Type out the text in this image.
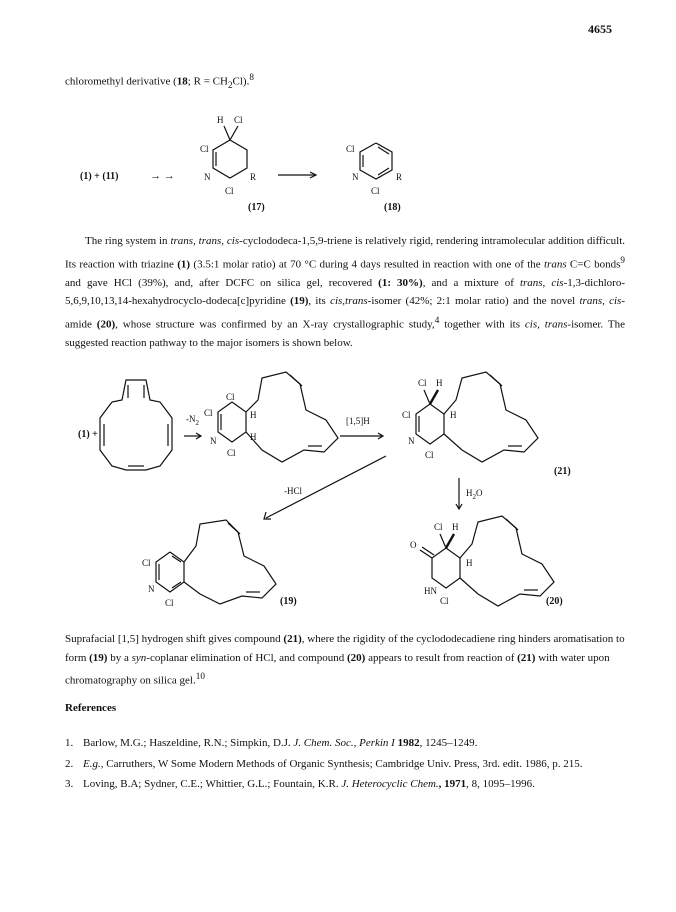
4655
chloromethyl derivative (18; $R = CH_2Cl).^8$
(1) + (11)	→ →
H Cl
Cl
N	R
Cl
(17)
Cl
N	R
Cl
(18)
(1) +
$-N_2$
Cl
Cl
N
Cl
H
H
[1,5]H
Cl H
Cl
N
Cl
H
(21)
-HCl	$H_2O$
Cl
N
Cl	(19)
Cl H
O
HN
Cl
H
(20)
The ring system in trans, trans, cis-cyclododeca-1,5,9-triene is relatively rigid, rendering intramolecular addition difficult. Its reaction with triazine (1) (3.5:1 molar ratio) at 70 °C during 4 days resulted in reaction with one of the trans C=C bonds$^9$ and gave HCl (39%), and, after DCFC on silica gel, recovered (1: 30%), and a mixture of trans, cis-1,3-dichloro-5,6,9,10,13,14-hexahydrocyclo-dodeca[c]pyridine (19), its cis,trans-isomer (42%; 2:1 molar ratio) and the novel trans, cis-amide (20), whose structure was confirmed by an X-ray crystallographic study,$^4$ together with its cis, trans-isomer. The suggested reaction pathway to the major isomers is shown below.
Suprafacial [1,5] hydrogen shift gives compound (21), where the rigidity of the cyclododecadiene ring hinders aromatisation to form (19) by a syn-coplanar elimination of HCl, and compound (20) appears to result from reaction of (21) with water upon chromatography on silica gel.$^{10}$
References
1. Barlow, M.G.; Haszeldine, R.N.; Simpkin, D.J. J. Chem. Soc., Perkin I 1982, 1245–1249.
2. E.g., Carruthers, W Some Modern Methods of Organic Synthesis; Cambridge Univ. Press, 3rd. edit. 1986, p. 215.
3. Loving, B.A; Sydner, C.E.; Whittier, G.L.; Fountain, K.R. J. Heterocyclic Chem., 1971, 8, 1095–1996.
